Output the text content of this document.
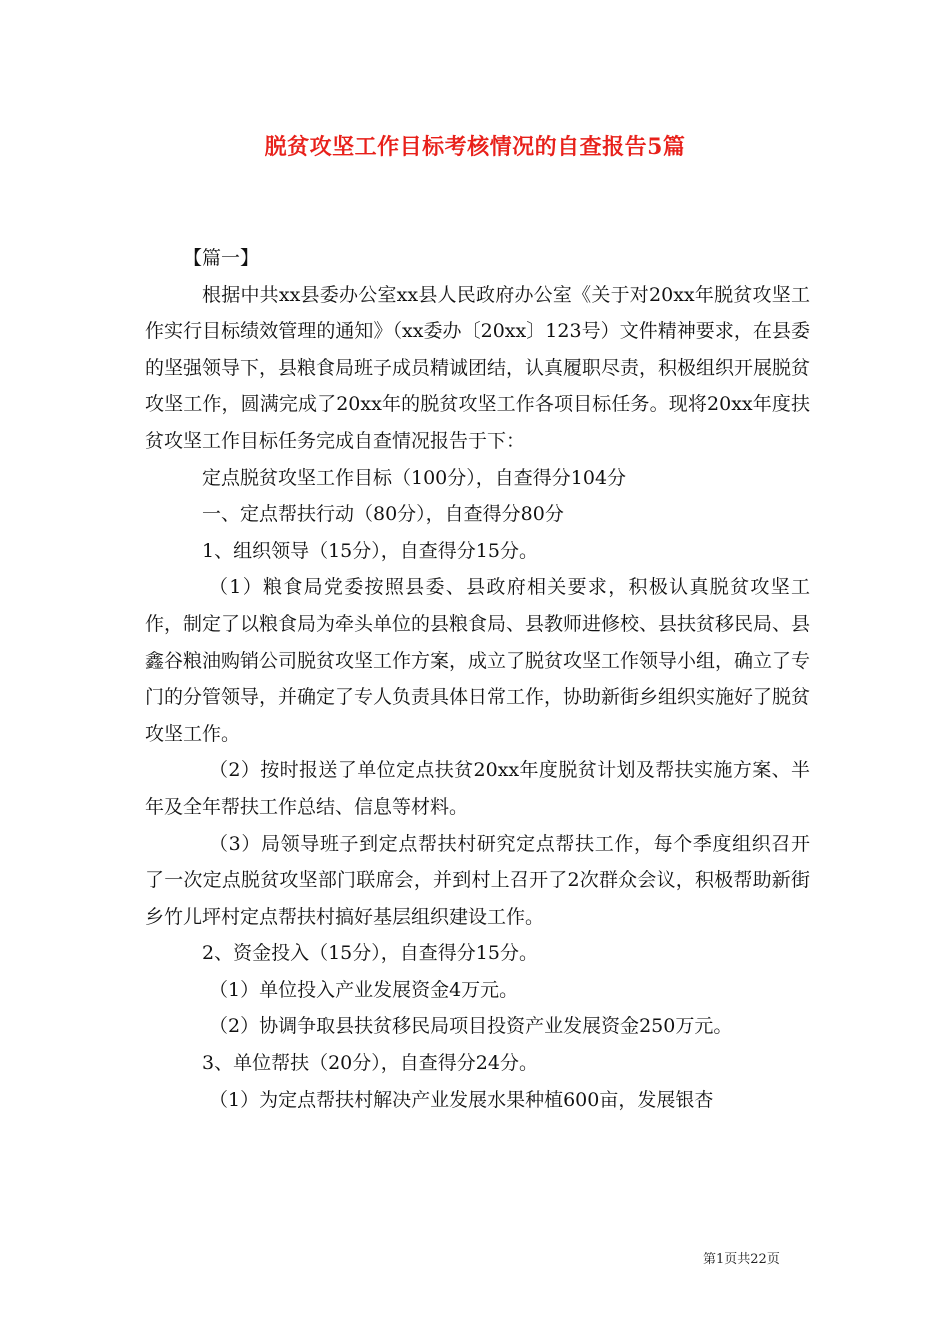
脱贫攻坚工作目标考核情况的自查报告5篇

【篇一】

根据中共xx县委办公室xx县人民政府办公室《关于对20xx年脱贫攻坚工作实行目标绩效管理的通知》（xx委办〔20xx〕123号）文件精神要求，在县委的坚强领导下，县粮食局班子成员精诚团结，认真履职尽责，积极组织开展脱贫攻坚工作，圆满完成了20xx年的脱贫攻坚工作各项目标任务。现将20xx年度扶贫攻坚工作目标任务完成自查情况报告于下：

定点脱贫攻坚工作目标（100分），自查得分104分

一、定点帮扶行动（80分），自查得分80分

1、组织领导（15分），自查得分15分。

（1）粮食局党委按照县委、县政府相关要求，积极认真脱贫攻坚工作，制定了以粮食局为牵头单位的县粮食局、县教师进修校、县扶贫移民局、县鑫谷粮油购销公司脱贫攻坚工作方案，成立了脱贫攻坚工作领导小组，确立了专门的分管领导，并确定了专人负责具体日常工作，协助新街乡组织实施好了脱贫攻坚工作。

（2）按时报送了单位定点扶贫20xx年度脱贫计划及帮扶实施方案、半年及全年帮扶工作总结、信息等材料。

（3）局领导班子到定点帮扶村研究定点帮扶工作，每个季度组织召开了一次定点脱贫攻坚部门联席会，并到村上召开了2次群众会议，积极帮助新街乡竹儿坪村定点帮扶村搞好基层组织建设工作。

2、资金投入（15分），自查得分15分。

（1）单位投入产业发展资金4万元。

（2）协调争取县扶贫移民局项目投资产业发展资金250万元。

3、单位帮扶（20分），自查得分24分。

（1）为定点帮扶村解决产业发展水果种植600亩，发展银杏

第1页共22页
